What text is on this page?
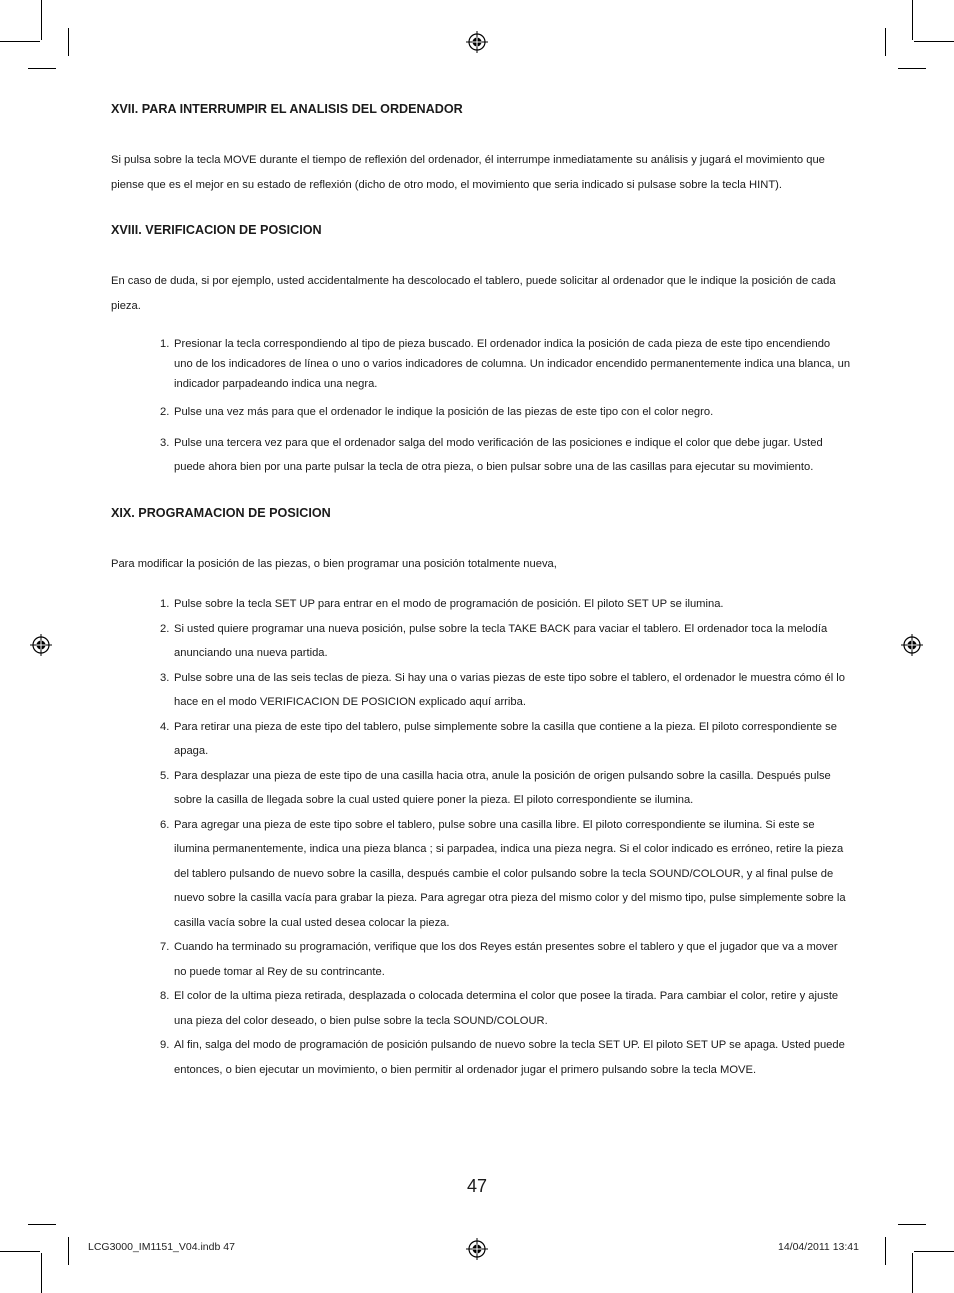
XVII. PARA INTERRUMPIR EL ANALISIS DEL ORDENADOR

Si pulsa sobre la tecla MOVE durante el tiempo de reflexión del ordenador, él interrumpe inmediatamente su análisis y jugará el movimiento que piense que es el mejor en su estado de reflexión (dicho de otro modo, el movimiento que seria indicado si pulsase sobre la tecla HINT).

XVIII. VERIFICACION DE POSICION

En caso de duda, si por ejemplo, usted accidentalmente ha descolocado el tablero, puede solicitar al ordenador que le indique la posición de cada pieza.

1. Presionar la tecla correspondiendo al tipo de pieza buscado. El ordenador indica la posición de cada pieza de este tipo encendiendo uno de los indicadores de línea o uno o varios indicadores de columna. Un indicador encendido permanentemente indica una blanca, un indicador parpadeando indica una negra.
2. Pulse una vez más para que el ordenador le indique la posición de las piezas de este tipo con el color negro.
3. Pulse una tercera vez para que el ordenador salga del modo verificación de las posiciones e indique el color que debe jugar. Usted puede ahora bien por una parte pulsar la tecla de otra pieza, o bien pulsar sobre una de las casillas para ejecutar su movimiento.
XIX. PROGRAMACION DE POSICION

Para modificar la posición de las piezas, o bien programar una posición totalmente nueva,

1. Pulse sobre la tecla SET UP para entrar en el modo de programación de posición. El piloto SET UP se ilumina.
2. Si usted quiere programar una nueva posición, pulse sobre la tecla TAKE BACK para vaciar el tablero. El ordenador toca la melodía anunciando una nueva partida.
3. Pulse sobre una de las seis teclas de pieza. Si hay una o varias piezas de este tipo sobre el tablero, el ordenador le muestra cómo él lo hace en el modo VERIFICACION DE POSICION explicado aquí arriba.
4. Para retirar una pieza de este tipo del tablero, pulse simplemente sobre la casilla que contiene a la pieza. El piloto correspondiente se apaga.
5. Para desplazar una pieza de este tipo de una casilla hacia otra, anule la posición de origen pulsando sobre la casilla. Después pulse sobre la casilla de llegada sobre la cual usted quiere poner la pieza. El piloto correspondiente se ilumina.
6. Para agregar una pieza de este tipo sobre el tablero, pulse sobre una casilla libre. El piloto correspondiente se ilumina. Si este se ilumina permanentemente, indica una pieza blanca ; si parpadea, indica una pieza negra. Si el color indicado es erróneo, retire la pieza del tablero pulsando de nuevo sobre la casilla, después cambie el color pulsando sobre la tecla SOUND/COLOUR, y al final pulse de nuevo sobre la casilla vacía para grabar la pieza. Para agregar otra pieza del mismo color y del mismo tipo, pulse simplemente sobre la casilla vacía sobre la cual usted desea colocar la pieza.
7. Cuando ha terminado su programación, verifique que los dos Reyes están presentes sobre el tablero y que el jugador que va a mover no puede tomar al Rey de su contrincante.
8. El color de la ultima pieza retirada, desplazada o colocada determina el color que posee la tirada. Para cambiar el color, retire y ajuste una pieza del color deseado, o bien pulse sobre la tecla SOUND/COLOUR.
9. Al fin, salga del modo de programación de posición pulsando de nuevo sobre la tecla SET UP. El piloto SET UP se apaga. Usted puede entonces, o bien ejecutar un movimiento, o bien permitir al ordenador jugar el primero pulsando sobre la tecla MOVE.
47
LCG3000_IM1151_V04.indb 47	14/04/2011 13:41
